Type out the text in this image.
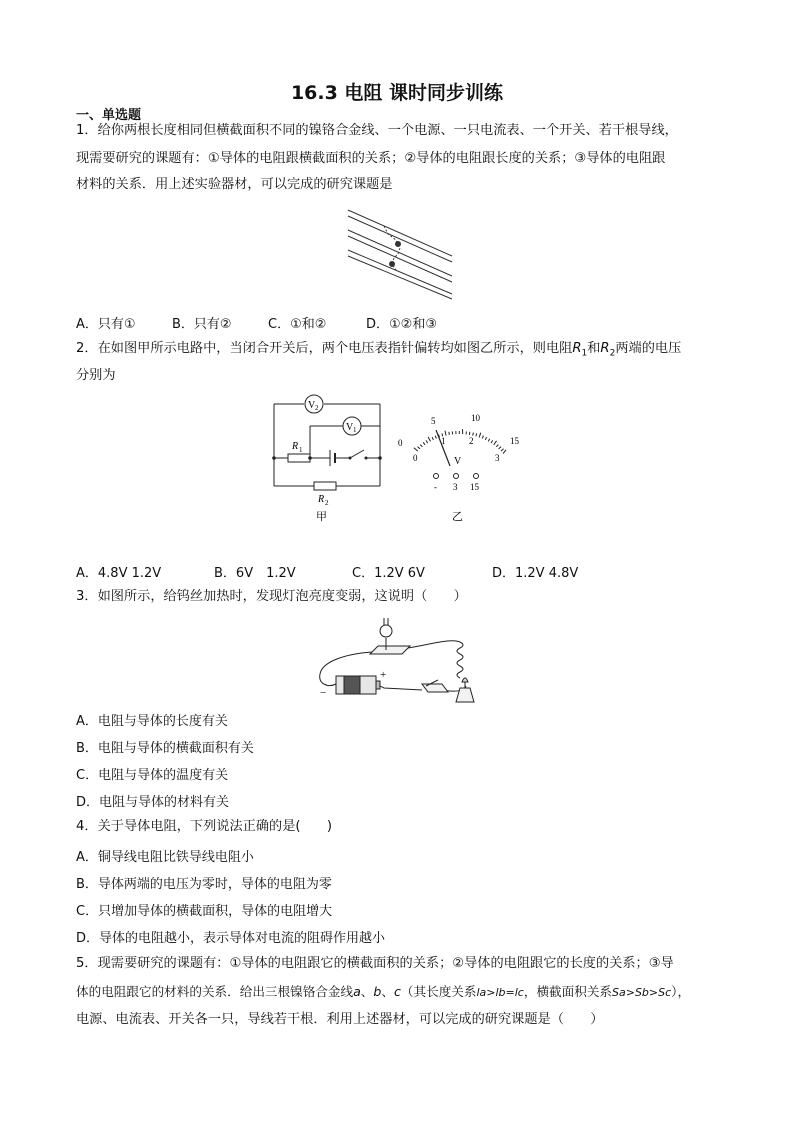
16.3 电阻 课时同步训练
一、单选题
1．给你两根长度相同但横截面积不同的镍铬合金线、一个电源、一只电流表、一个开关、若干根导线，
现需要研究的课题有：①导体的电阻跟横截面积的关系；②导体的电阻跟长度的关系；③导体的电阻跟
材料的关系．用上述实验器材，可以完成的研究课题是
A．只有①	B．只有②	C．①和②	D．①②和③
2．在如图甲所示电路中，当闭合开关后，两个电压表指针偏转均如图乙所示，则电阻$R_1$和$R_2$两端的电压
分别为
V 2
V 1
R 1
R 2
甲
0
5	10
15
0
1	2
3
V
- 3 15
乙
A．4.8V 1.2V	B．6V　1.2V	C．1.2V 6V	D．1.2V 4.8V
3．如图所示，给钨丝加热时，发现灯泡亮度变弱，这说明（　　）
−
+
A．电阻与导体的长度有关
B．电阻与导体的横截面积有关
C．电阻与导体的温度有关
D．电阻与导体的材料有关
4．关于导体电阻，下列说法正确的是(　　)
A．铜导线电阻比铁导线电阻小
B．导体两端的电压为零时，导体的电阻为零
C．只增加导体的横截面积，导体的电阻增大
D．导体的电阻越小，表示导体对电流的阻碍作用越小
5．现需要研究的课题有：①导体的电阻跟它的横截面积的关系；②导体的电阻跟它的长度的关系；③导
体的电阻跟它的材料的关系．给出三根镍铬合金线a、b、c（其长度关系la>lb=lc，横截面积关系Sa>Sb>Sc），
电源、电流表、开关各一只，导线若干根．利用上述器材，可以完成的研究课题是（　　）
